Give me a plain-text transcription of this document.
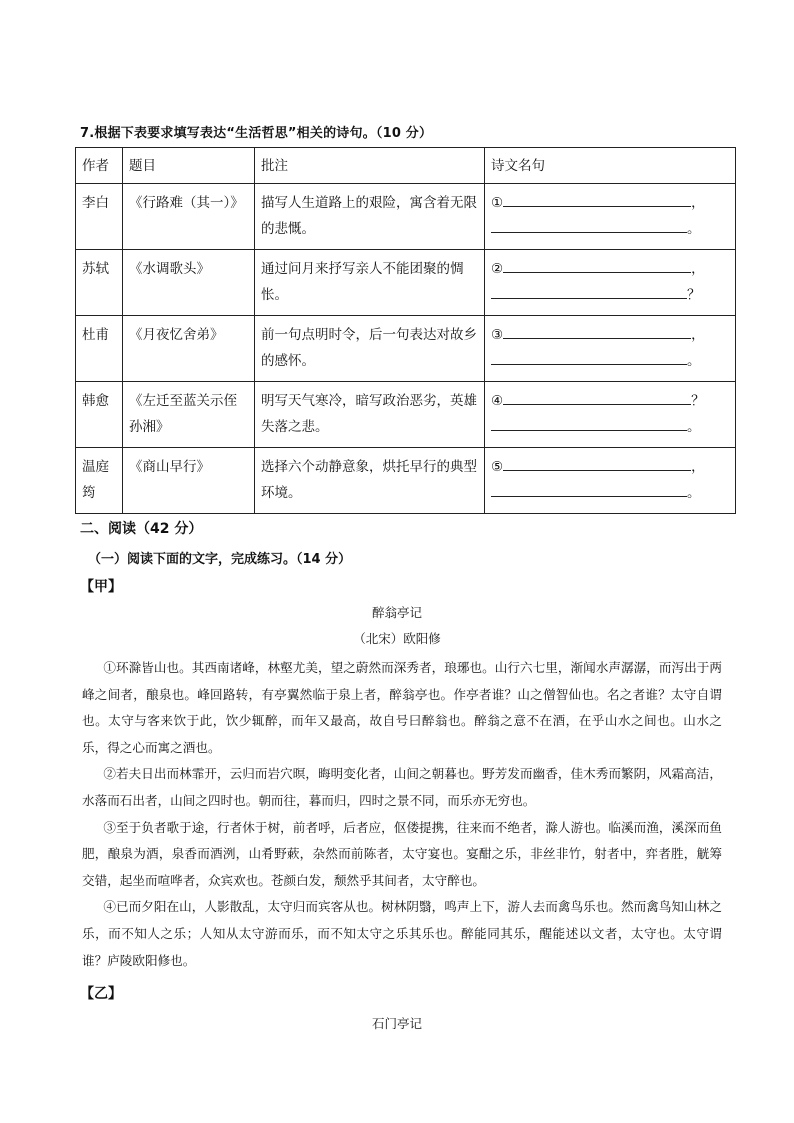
7.根据下表要求填写表达“生活哲思”相关的诗句。（10 分）
作者	题目	批注	诗文名句
李白	《行路难（其一）》	描写人生道路上的艰险，寓含着无限的悲慨。	① ，
。

苏轼	《水调歌头》	通过问月来抒写亲人不能团聚的惆怅。	② ，
？

杜甫	《月夜忆舍弟》	前一句点明时令，后一句表达对故乡的感怀。	③ ，
。

韩愈	《左迁至蓝关示侄孙湘》	明写天气寒冷，暗写政治恶劣，英雄失落之悲。	④ ？
。

温庭筠	《商山早行》	选择六个动静意象，烘托早行的典型环境。	⑤ ，
。
二、阅读（42 分）
（一）阅读下面的文字，完成练习。（14 分）
【甲】
醉翁亭记
（北宋）欧阳修

①环滁皆山也。其西南诸峰，林壑尤美，望之蔚然而深秀者，琅琊也。山行六七里，渐闻水声潺潺，而泻出于两峰之间者，酿泉也。峰回路转，有亭翼然临于泉上者，醉翁亭也。作亭者谁？山之僧智仙也。名之者谁？太守自谓也。太守与客来饮于此，饮少辄醉，而年又最高，故自号曰醉翁也。醉翁之意不在酒，在乎山水之间也。山水之乐，得之心而寓之酒也。

②若夫日出而林霏开，云归而岩穴暝，晦明变化者，山间之朝暮也。野芳发而幽香，佳木秀而繁阴，风霜高洁，水落而石出者，山间之四时也。朝而往，暮而归，四时之景不同，而乐亦无穷也。

③至于负者歌于途，行者休于树，前者呼，后者应，伛偻提携，往来而不绝者，滁人游也。临溪而渔，溪深而鱼肥，酿泉为酒，泉香而酒洌，山肴野蔌，杂然而前陈者，太守宴也。宴酣之乐，非丝非竹，射者中，弈者胜，觥筹交错，起坐而喧哗者，众宾欢也。苍颜白发，颓然乎其间者，太守醉也。

④已而夕阳在山，人影散乱，太守归而宾客从也。树林阴翳，鸣声上下，游人去而禽鸟乐也。然而禽鸟知山林之乐，而不知人之乐；人知从太守游而乐，而不知太守之乐其乐也。醉能同其乐，醒能述以文者，太守也。太守谓谁？庐陵欧阳修也。

【乙】
石门亭记
